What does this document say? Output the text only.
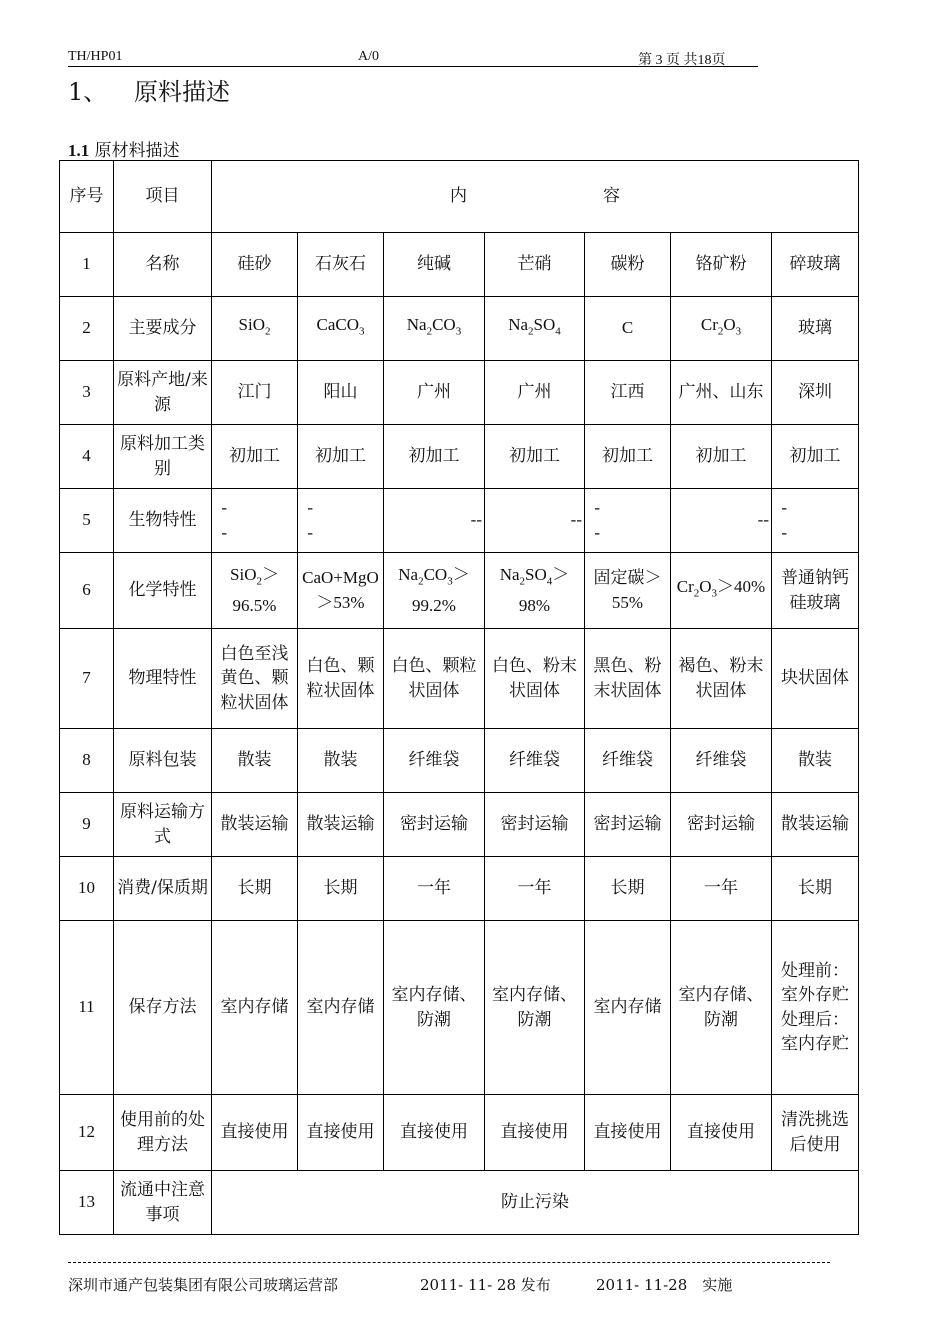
TH/HP01	A/0	第 3 页 共18页
1、 原料描述
1.1 原材料描述
序号	项目	内　　　　　　　　容						
1	名称	硅砂	石灰石	纯碱	芒硝	碳粉	铬矿粉	碎玻璃
2	主要成分	SiO$_2$	CaCO$_3$	$Na_2CO_3$	$Na_2SO_4$	C	$Cr_2O_3$	玻璃
3	原料产地/来源	江门	阳山	广州	广州	江西	广州、山东	深圳
4	原料加工类别	初加工	初加工	初加工	初加工	初加工	初加工	初加工
5	生物特性	--	--	--	--	--	--	--
6	化学特性	SiO$_2$＞96.5%	CaO+MgO＞53%	$Na_2CO_3>99.2\%$	$Na_2SO_4>98\%$	固定碳＞55%	$Cr_2O_3>40\%$	普通钠钙硅玻璃
7	物理特性	白色至浅黄色、颗粒状固体	白色、颗粒状固体	白色、颗粒状固体	白色、粉末状固体	黑色、粉末状固体	褐色、粉末状固体	块状固体
8	原料包装	散装	散装	纤维袋	纤维袋	纤维袋	纤维袋	散装
9	原料运输方式	散装运输	散装运输	密封运输	密封运输	密封运输	密封运输	散装运输
10	消费/保质期	长期	长期	一年	一年	长期	一年	长期
11	保存方法	室内存储	室内存储	室内存储、防潮	室内存储、防潮	室内存储	室内存储、防潮	处理前：室外存贮处理后：室内存贮
12	使用前的处理方法	直接使用	直接使用	直接使用	直接使用	直接使用	直接使用	清洗挑选后使用
13	流通中注意事项	防止污染						
深圳市通产包装集团有限公司玻璃运营部	2011- 11- 28 发布	2011- 11-28　实施
